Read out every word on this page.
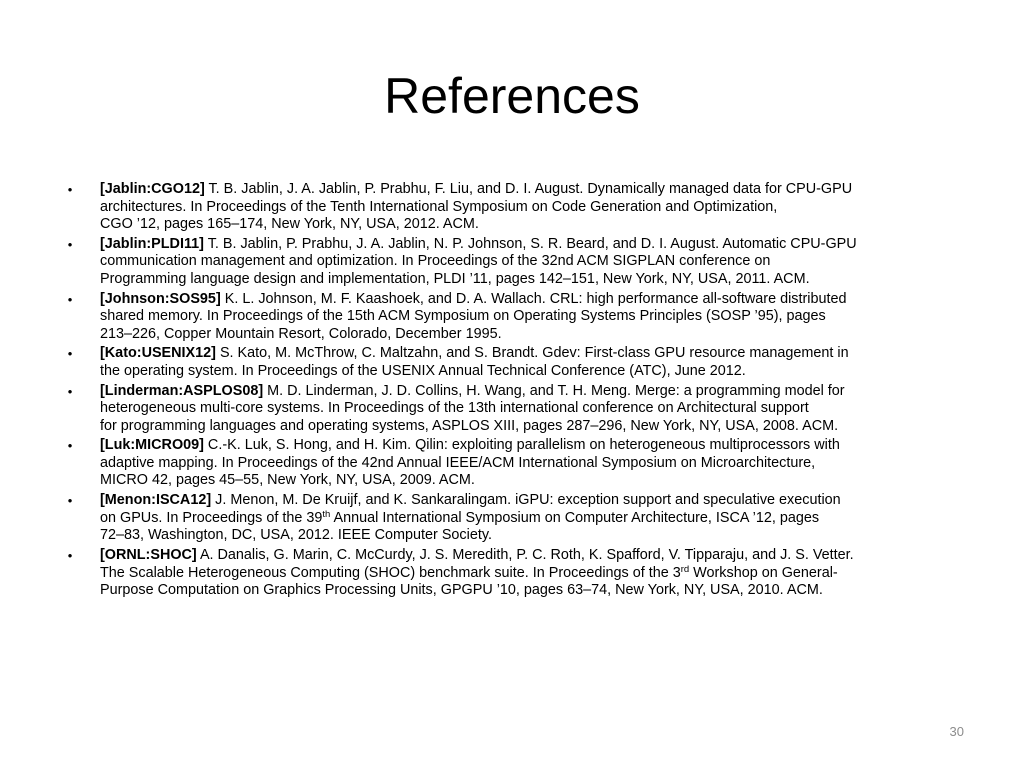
References
•	[Jablin:CGO12] T. B. Jablin, J. A. Jablin, P. Prabhu, F. Liu, and D. I. August. Dynamically managed data for CPU-GPU
architectures. In Proceedings of the Tenth International Symposium on Code Generation and Optimization,
CGO ’12, pages 165–174, New York, NY, USA, 2012. ACM.
•	[Jablin:PLDI11] T. B. Jablin, P. Prabhu, J. A. Jablin, N. P. Johnson, S. R. Beard, and D. I. August. Automatic CPU-GPU
communication management and optimization. In Proceedings of the 32nd ACM SIGPLAN conference on
Programming language design and implementation, PLDI ’11, pages 142–151, New York, NY, USA, 2011. ACM.
•	[Johnson:SOS95] K. L. Johnson, M. F. Kaashoek, and D. A. Wallach. CRL: high performance all-software distributed
shared memory. In Proceedings of the 15th ACM Symposium on Operating Systems Principles (SOSP ’95), pages
213–226, Copper Mountain Resort, Colorado, December 1995.
•	[Kato:USENIX12] S. Kato, M. McThrow, C. Maltzahn, and S. Brandt. Gdev: First-class GPU resource management in
the operating system. In Proceedings of the USENIX Annual Technical Conference (ATC), June 2012.
•	[Linderman:ASPLOS08] M. D. Linderman, J. D. Collins, H. Wang, and T. H. Meng. Merge: a programming model for
heterogeneous multi-core systems. In Proceedings of the 13th international conference on Architectural support
for programming languages and operating systems, ASPLOS XIII, pages 287–296, New York, NY, USA, 2008. ACM.
•	[Luk:MICRO09] C.-K. Luk, S. Hong, and H. Kim. Qilin: exploiting parallelism on heterogeneous multiprocessors with
adaptive mapping. In Proceedings of the 42nd Annual IEEE/ACM International Symposium on Microarchitecture,
MICRO 42, pages 45–55, New York, NY, USA, 2009. ACM.
•	[Menon:ISCA12] J. Menon, M. De Kruijf, and K. Sankaralingam. iGPU: exception support and speculative execution
on GPUs. In Proceedings of the 39th Annual International Symposium on Computer Architecture, ISCA ’12, pages
72–83, Washington, DC, USA, 2012. IEEE Computer Society.
•	[ORNL:SHOC] A. Danalis, G. Marin, C. McCurdy, J. S. Meredith, P. C. Roth, K. Spafford, V. Tipparaju, and J. S. Vetter.
The Scalable Heterogeneous Computing (SHOC) benchmark suite. In Proceedings of the 3rd Workshop on General-
Purpose Computation on Graphics Processing Units, GPGPU ’10, pages 63–74, New York, NY, USA, 2010. ACM.
30
